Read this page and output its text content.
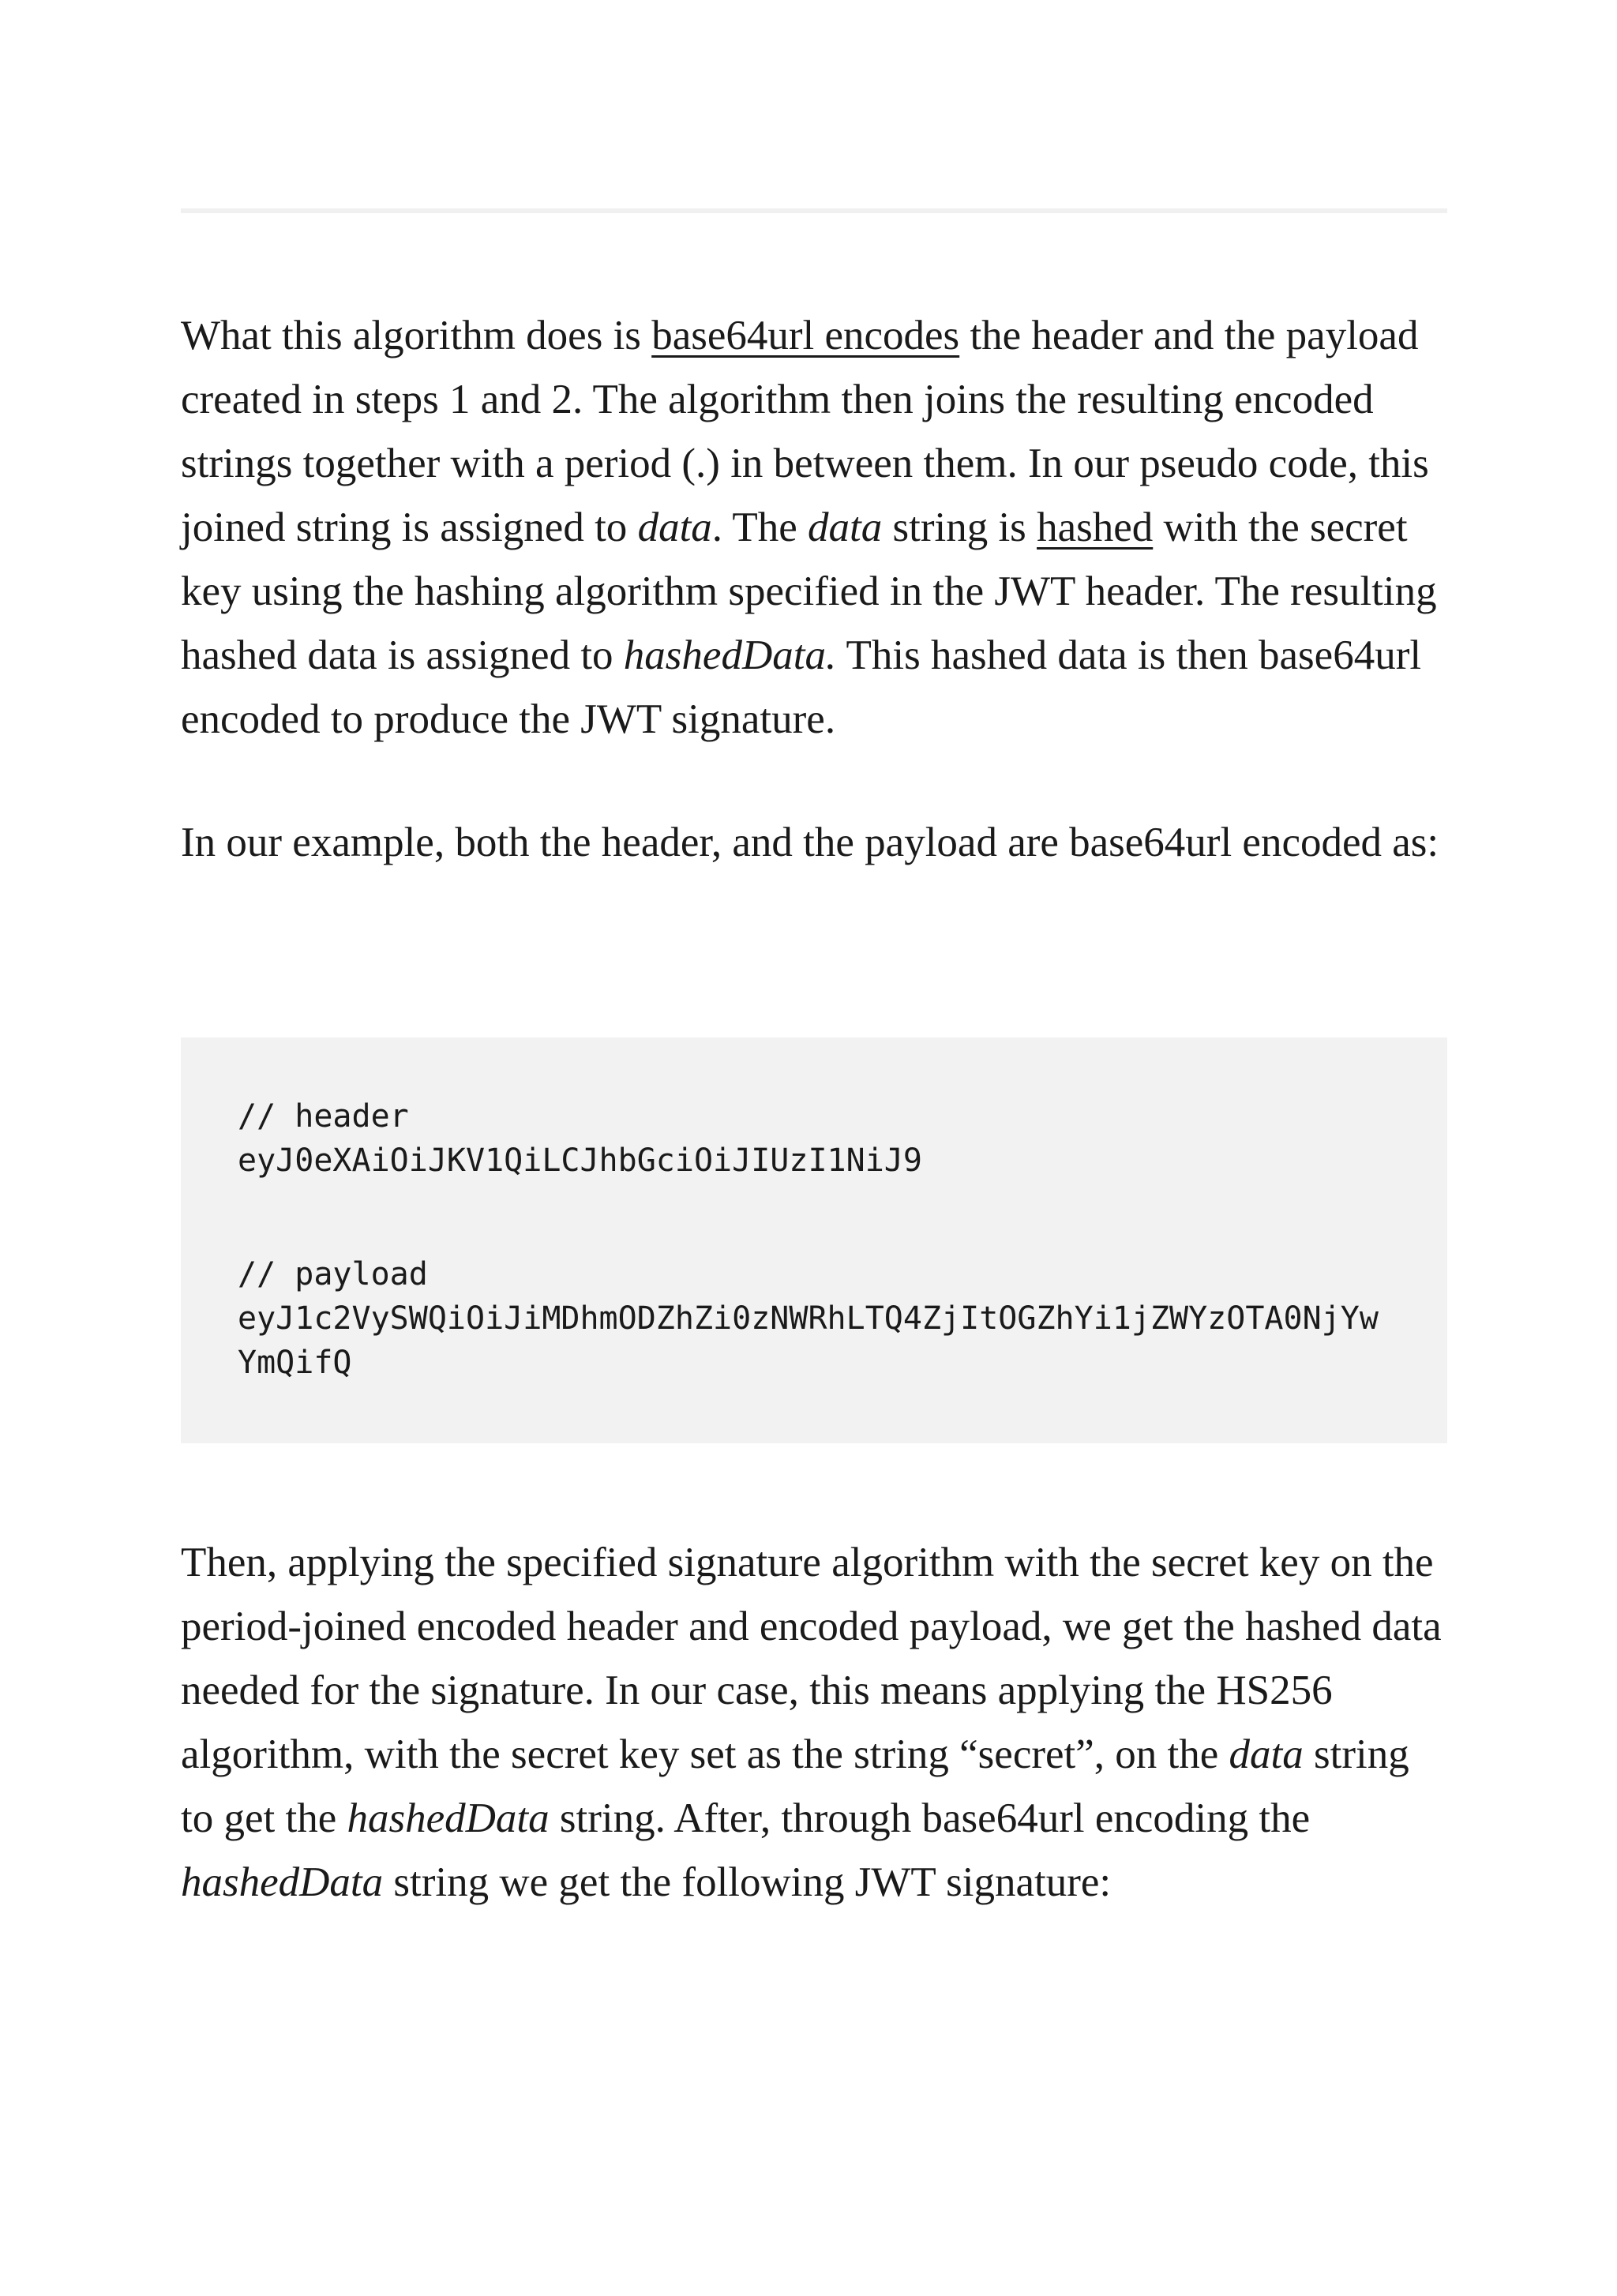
What this algorithm does is base64url encodes the header and the payload created in steps 1 and 2. The algorithm then joins the resulting encoded strings together with a period (.) in between them. In our pseudo code, this joined string is assigned to data. The data string is hashed with the secret key using the hashing algorithm specified in the JWT header. The resulting hashed data is assigned to hashedData. This hashed data is then base64url encoded to produce the JWT signature.

In our example, both the header, and the payload are base64url encoded as:

// header
eyJ0eXAiOiJKV1QiLCJhbGciOiJIUzI1NiJ9
// payload
eyJ1c2VySWQiOiJiMDhmODZhZi0zNWRhLTQ4ZjItOGZhYi1jZWYzOTA0NjYw
YmQifQ

Then, applying the specified signature algorithm with the secret key on the period-joined encoded header and encoded payload, we get the hashed data needed for the signature. In our case, this means applying the HS256 algorithm, with the secret key set as the string “secret”, on the data string to get the hashedData string. After, through base64url encoding the hashedData string we get the following JWT signature:
